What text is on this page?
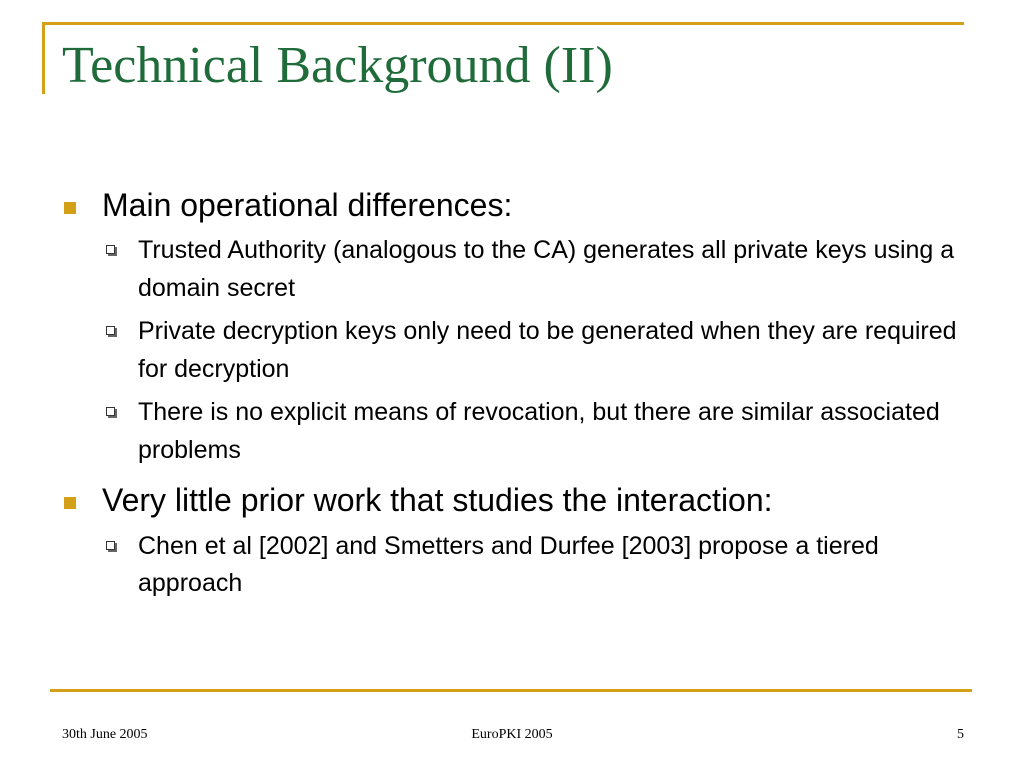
Technical Background (II)
Main operational differences:
Trusted Authority (analogous to the CA) generates all private keys using a domain secret
Private decryption keys only need to be generated when they are required for decryption
There is no explicit means of revocation, but there are similar associated problems
Very little prior work that studies the interaction:
Chen et al [2002] and Smetters and Durfee [2003] propose a tiered approach
30th June 2005	EuroPKI 2005	5
